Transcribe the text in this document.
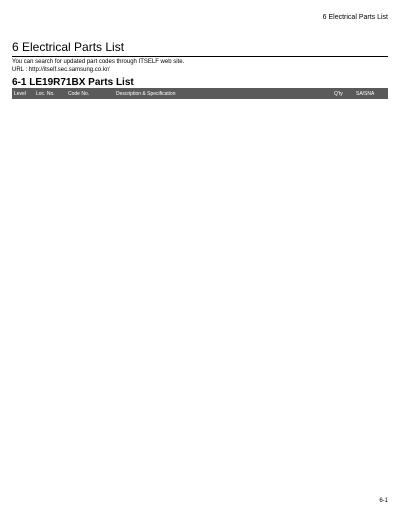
6 Electrical Parts List
6 Electrical Parts List
You can search for updated part codes through ITSELF web site.
URL : http://itself.sec.samsung.co.kr/
6-1 LE19R71BX Parts List
Level	Loc. No.	Code No.	Description & Specification	Q'ty	SA/SNA
6-1
